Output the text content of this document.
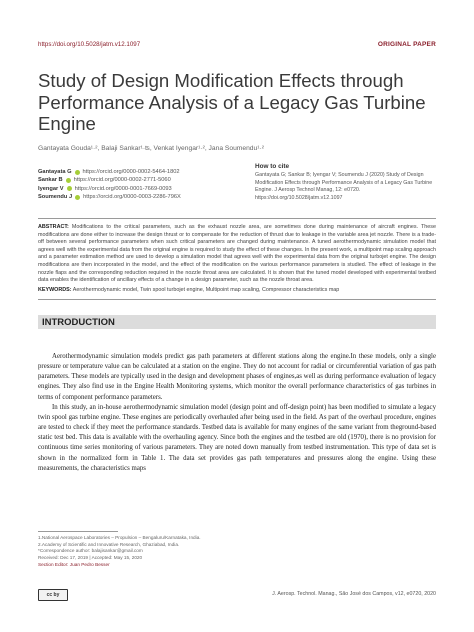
https://doi.org/10.5028/jatm.v12.1097	ORIGINAL PAPER
Study of Design Modification Effects through Performance Analysis of a Legacy Gas Turbine Engine
Gantayata Gouda¹·², Balaji Sankar¹·ʦ, Venkat Iyengar¹·², Jana Soumendu¹·²
Gantayata G https://orcid.org/0000-0002-5464-1802
Sankar B https://orcid.org/0000-0002-2771-5060
Iyengar V https://orcid.org/0000-0001-7669-0093
Soumendu J https://orcid.org/0000-0003-2286-796X
How to cite
Gantayata G; Sankar B; Iyengar V; Soumendu J (2020) Study of Design Modification Effects through Performance Analysis of a Legacy Gas Turbine Engine. J Aerosp Technol Manag, 12: e0720. https://doi.org/10.5028/jatm.v12.1097
ABSTRACT: Modifications to the critical parameters, such as the exhaust nozzle area, are sometimes done during maintenance of aircraft engines. These modifications are done either to increase the design thrust or to compensate for the reduction of thrust due to leakage in the variable area jet nozzle. There is a trade-off between several performance parameters when such critical parameters are changed during maintenance. A tuned aerothermodynamic simulation model that agrees well with the experimental data from the original engine is required to study the effect of these changes. In the present work, a multipoint map scaling approach and a parameter estimation method are used to develop a simulation model that agrees well with the experimental data from the original turbojet engine. The design modifications are then incorporated in the model, and the effect of the modification on the various performance parameters is studied. The effect of leakage in the nozzle flaps and the corresponding reduction required in the nozzle throat area are calculated. It is shown that the tuned model developed with experimental testbed data enables the identification of ancillary effects of a change in a design parameter, such as the nozzle throat area.
KEYWORDS: Aerothermodynamic model, Twin spool turbojet engine, Multipoint map scaling, Compressor characteristics map
INTRODUCTION

Aerothermodynamic simulation models predict gas path parameters at different stations along the engine.In these models, only a single pressure or temperature value can be calculated at a station on the engine. They do not account for radial or circumferential variation of gas path parameters. These models are typically used in the design and development phases of engines,as well as during performance evaluation of legacy engines. They also find use in the Engine Health Monitoring systems, which monitor the overall performance characteristics of gas turbines in terms of component performance parameters.

In this study, an in-house aerothermodynamic simulation model (design point and off-design point) has been modified to simulate a legacy twin spool gas turbine engine. These engines are periodically overhauled after being used in the field. As part of the overhaul procedure, engines are tested to check if they meet the performance standards. Testbed data is available for many engines of the same variant from theground-based static test bed. This data is available with the overhauling agency. Since both the engines and the testbed are old (1970), there is no provision for continuous time series monitoring of various parameters. They are noted down manually from testbed instrumentation. This type of data set is shown in the normalized form in Table 1. The data set provides gas path temperatures and pressures along the engine. Using these measurements, the characteristics maps

1.National Aerospace Laboratories – Propulsion – Bengaluru/Karnataka, India.
2.Academy of Scientific and Innovative Research, Ghaziabad, India.
*Correspondence author: balajisankar@gmail.com
Received: Dec 17, 2019 | Accepted: May 15, 2020
Section Editor: Juan Pedro Besser
cc by	J. Aerosp. Technol. Manag., São José dos Campos, v12, e0720, 2020
